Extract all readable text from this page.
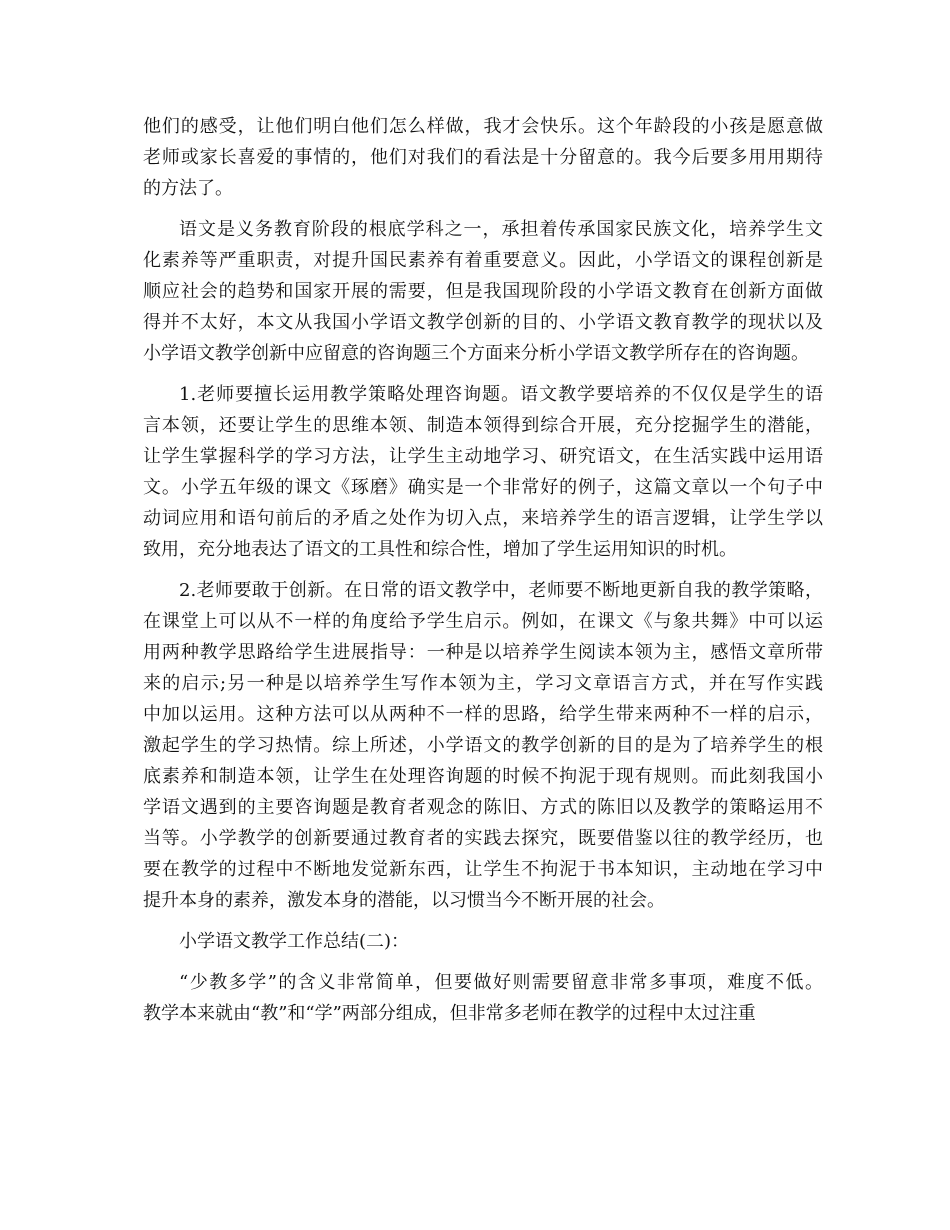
他们的感受，让他们明白他们怎么样做，我才会快乐。这个年龄段的小孩是愿意做
老师或家长喜爱的事情的，他们对我们的看法是十分留意的。我今后要多用用期待
的方法了。
语文是义务教育阶段的根底学科之一，承担着传承国家民族文化，培养学生文
化素养等严重职责，对提升国民素养有着重要意义。因此，小学语文的课程创新是
顺应社会的趋势和国家开展的需要，但是我国现阶段的小学语文教育在创新方面做
得并不太好，本文从我国小学语文教学创新的目的、小学语文教育教学的现状以及
小学语文教学创新中应留意的咨询题三个方面来分析小学语文教学所存在的咨询题。
1.老师要擅长运用教学策略处理咨询题。语文教学要培养的不仅仅是学生的语
言本领，还要让学生的思维本领、制造本领得到综合开展，充分挖掘学生的潜能，
让学生掌握科学的学习方法，让学生主动地学习、研究语文，在生活实践中运用语
文。小学五年级的课文《琢磨》确实是一个非常好的例子，这篇文章以一个句子中
动词应用和语句前后的矛盾之处作为切入点，来培养学生的语言逻辑，让学生学以
致用，充分地表达了语文的工具性和综合性，增加了学生运用知识的时机。
2.老师要敢于创新。在日常的语文教学中，老师要不断地更新自我的教学策略，
在课堂上可以从不一样的角度给予学生启示。例如，在课文《与象共舞》中可以运
用两种教学思路给学生进展指导：一种是以培养学生阅读本领为主，感悟文章所带
来的启示;另一种是以培养学生写作本领为主，学习文章语言方式，并在写作实践
中加以运用。这种方法可以从两种不一样的思路，给学生带来两种不一样的启示，
激起学生的学习热情。综上所述，小学语文的教学创新的目的是为了培养学生的根
底素养和制造本领，让学生在处理咨询题的时候不拘泥于现有规则。而此刻我国小
学语文遇到的主要咨询题是教育者观念的陈旧、方式的陈旧以及教学的策略运用不
当等。小学教学的创新要通过教育者的实践去探究，既要借鉴以往的教学经历，也
要在教学的过程中不断地发觉新东西，让学生不拘泥于书本知识，主动地在学习中
提升本身的素养，激发本身的潜能，以习惯当今不断开展的社会。
小学语文教学工作总结(二)：
“少教多学”的含义非常简单，但要做好则需要留意非常多事项，难度不低。
教学本来就由“教”和“学”两部分组成，但非常多老师在教学的过程中太过注重
